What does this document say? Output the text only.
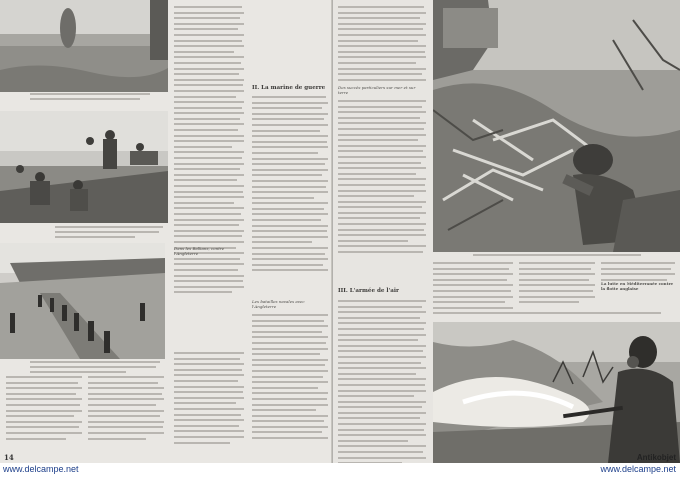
II. La marine de guerre
Les batailles navales avec l'Angleterre
Dans les Balkans, contre l'Angleterre
14
Des succès particuliers sur mer et sur terre
III. L'armée de l'air
La lutte en Méditerranée contre la flotte anglaise
www.delcampe.net	www.delcampe.net
Antikobjet
